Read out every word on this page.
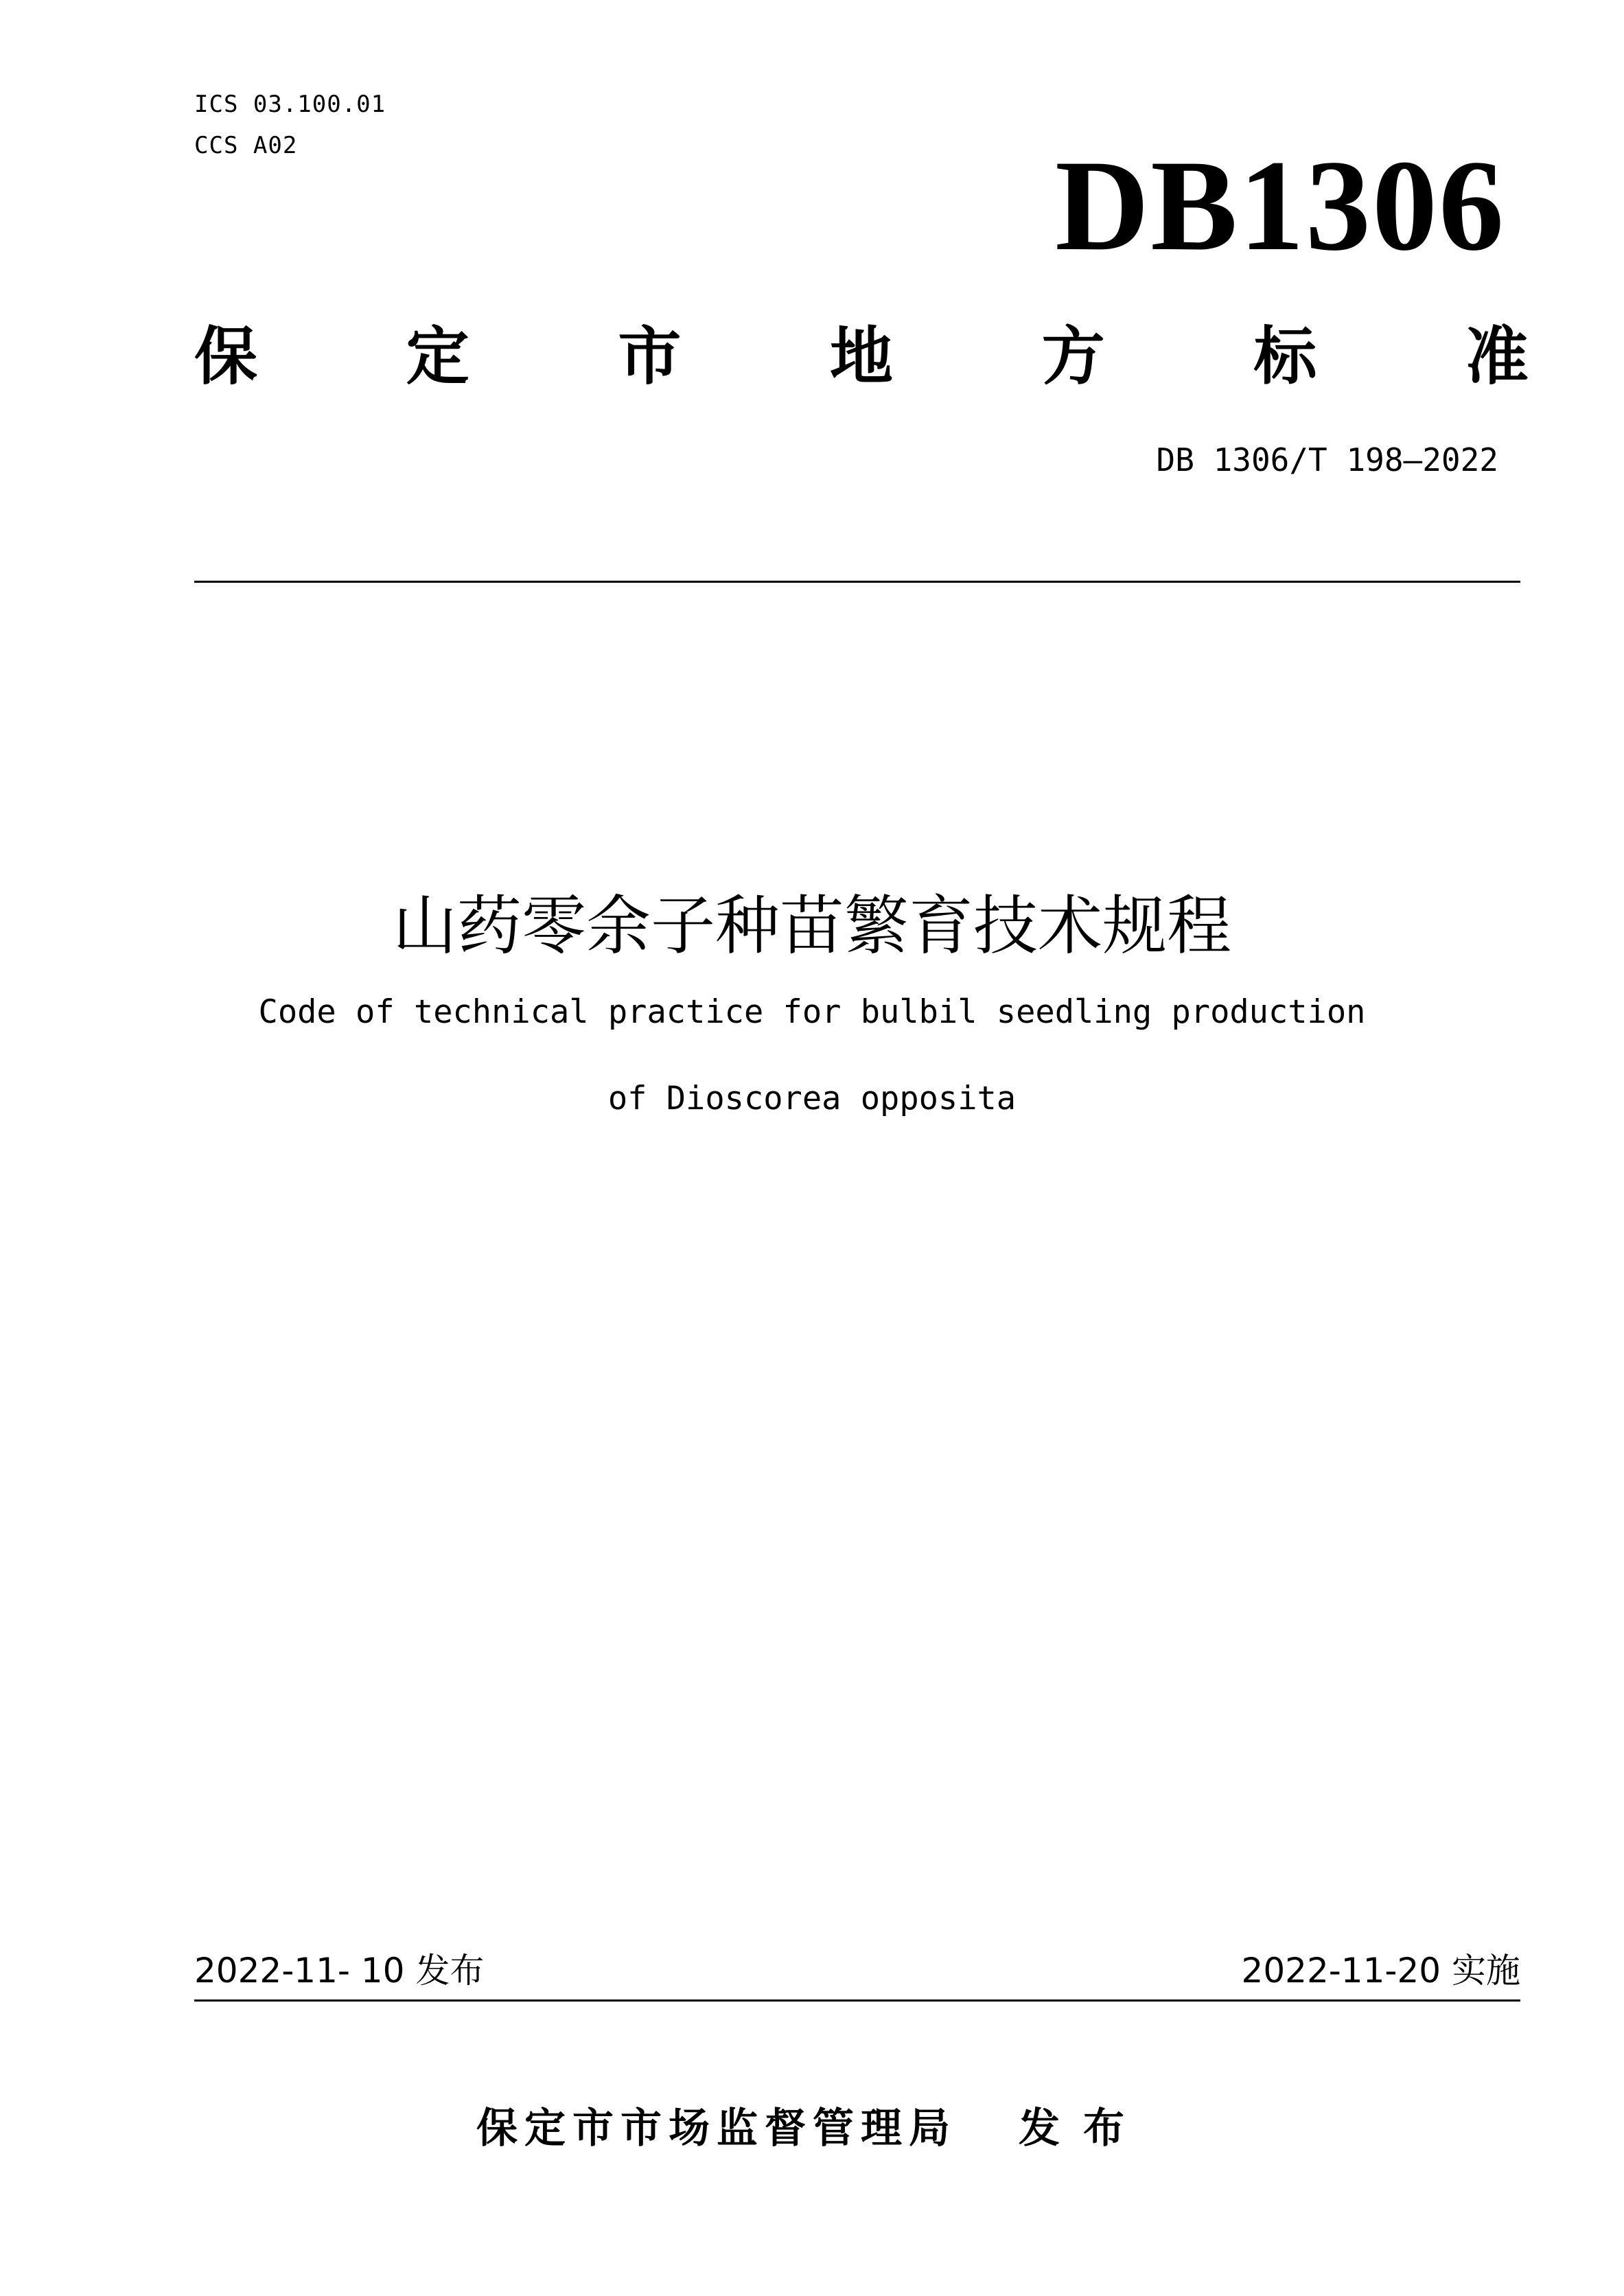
ICS 03.100.01
CCS A02	DB1306
保 定 市 地 方 标 准
DB 1306/T 198—2022
山药零余子种苗繁育技术规程
Code of technical practice for bulbil seedling production
of Dioscorea opposita
2022-11- 10 发布	2022-11-20 实施
保定市市场监督管理局 发布
